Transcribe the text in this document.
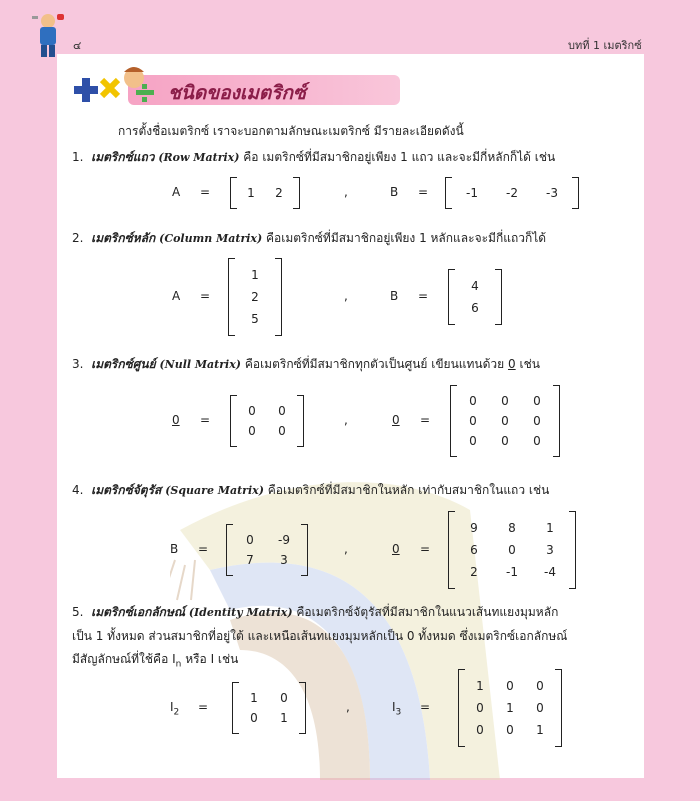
๔	บทที่ 1 เมตริกซ์
ชนิดของเมตริกซ์
การตั้งชื่อเมตริกซ์ เราจะบอกตามลักษณะเมตริกซ์ มีรายละเอียดดังนี้
1. เมตริกซ์แถว (Row Matrix) คือ เมตริกซ์ที่มีสมาชิกอยู่เพียง 1 แถว และจะมีกี่หลักก็ได้ เช่น
2. เมตริกซ์หลัก (Column Matrix) คือเมตริกซ์ที่มีสมาชิกอยู่เพียง 1 หลักและจะมีกี่แถวก็ได้
3. เมตริกซ์ศูนย์ (Null Matrix) คือเมตริกซ์ที่มีสมาชิกทุกตัวเป็นศูนย์ เขียนแทนด้วย 0 เช่น
4. เมตริกซ์จัตุรัส (Square Matrix) คือเมตริกซ์ที่มีสมาชิกในหลัก เท่ากับสมาชิกในแถว เช่น
5. เมตริกซ์เอกลักษณ์ (Identity Matrix) คือเมตริกซ์จัตุรัสที่มีสมาชิกในแนวเส้นทแยงมุมหลัก
เป็น 1 ทั้งหมด ส่วนสมาชิกที่อยู่ใต้ และเหนือเส้นทแยงมุมหลักเป็น 0 ทั้งหมด ซึ่งเมตริกซ์เอกลักษณ์
มีสัญลักษณ์ที่ใช้คือ $I_n$ หรือ I เช่น
A =	1	2	B =	-1	-2	-3
,
A =
1
2
5
B =
4
6
,
0 =
0	0
0	0
0 =
0	0	0
0	0	0
0	0	0
,
B =
0	-9
7	3
0 =
9	8	1
6	0	3
2	-1	-4
,
$I_2$ =
1	0
0	1
$I_3$ =
1	0	0
0	1	0
0	0	1
,
